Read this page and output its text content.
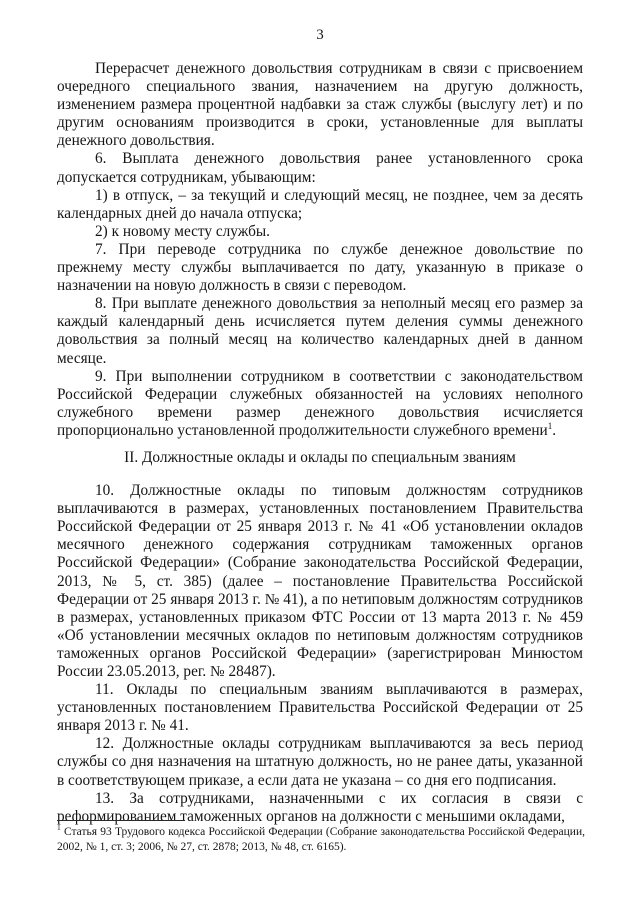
3

Перерасчет денежного довольствия сотрудникам в связи с присвоением очередного специального звания, назначением на другую должность, изменением размера процентной надбавки за стаж службы (выслугу лет) и по другим основаниям производится в сроки, установленные для выплаты денежного довольствия.

6. Выплата денежного довольствия ранее установленного срока допускается сотрудникам, убывающим:

1) в отпуск, – за текущий и следующий месяц, не позднее, чем за десять календарных дней до начала отпуска;

2) к новому месту службы.

7. При переводе сотрудника по службе денежное довольствие по прежнему месту службы выплачивается по дату, указанную в приказе о назначении на новую должность в связи с переводом.

8. При выплате денежного довольствия за неполный месяц его размер за каждый календарный день исчисляется путем деления суммы денежного довольствия за полный месяц на количество календарных дней в данном месяце.

9. При выполнении сотрудником в соответствии с законодательством Российской Федерации служебных обязанностей на условиях неполного служебного времени размер денежного довольствия исчисляется пропорционально установленной продолжительности служебного времени$^1$.

II. Должностные оклады и оклады по специальным званиям

10. Должностные оклады по типовым должностям сотрудников выплачиваются в размерах, установленных постановлением Правительства Российской Федерации от 25 января 2013 г. № 41 «Об установлении окладов месячного денежного содержания сотрудникам таможенных органов Российской Федерации» (Собрание законодательства Российской Федерации, 2013, № 5, ст. 385) (далее – постановление Правительства Российской Федерации от 25 января 2013 г. № 41), а по нетиповым должностям сотрудников в размерах, установленных приказом ФТС России от 13 марта 2013 г. № 459 «Об установлении месячных окладов по нетиповым должностям сотрудников таможенных органов Российской Федерации» (зарегистрирован Минюстом России 23.05.2013, рег. № 28487).

11. Оклады по специальным званиям выплачиваются в размерах, установленных постановлением Правительства Российской Федерации от 25 января 2013 г. № 41.

12. Должностные оклады сотрудникам выплачиваются за весь период службы со дня назначения на штатную должность, но не ранее даты, указанной в соответствующем приказе, а если дата не указана – со дня его подписания.

13. За сотрудниками, назначенными с их согласия в связи с реформированием таможенных органов на должности с меньшими окладами,

$^1$ Статья 93 Трудового кодекса Российской Федерации (Собрание законодательства Российской Федерации, 2002, № 1, ст. 3; 2006, № 27, ст. 2878; 2013, № 48, ст. 6165).
